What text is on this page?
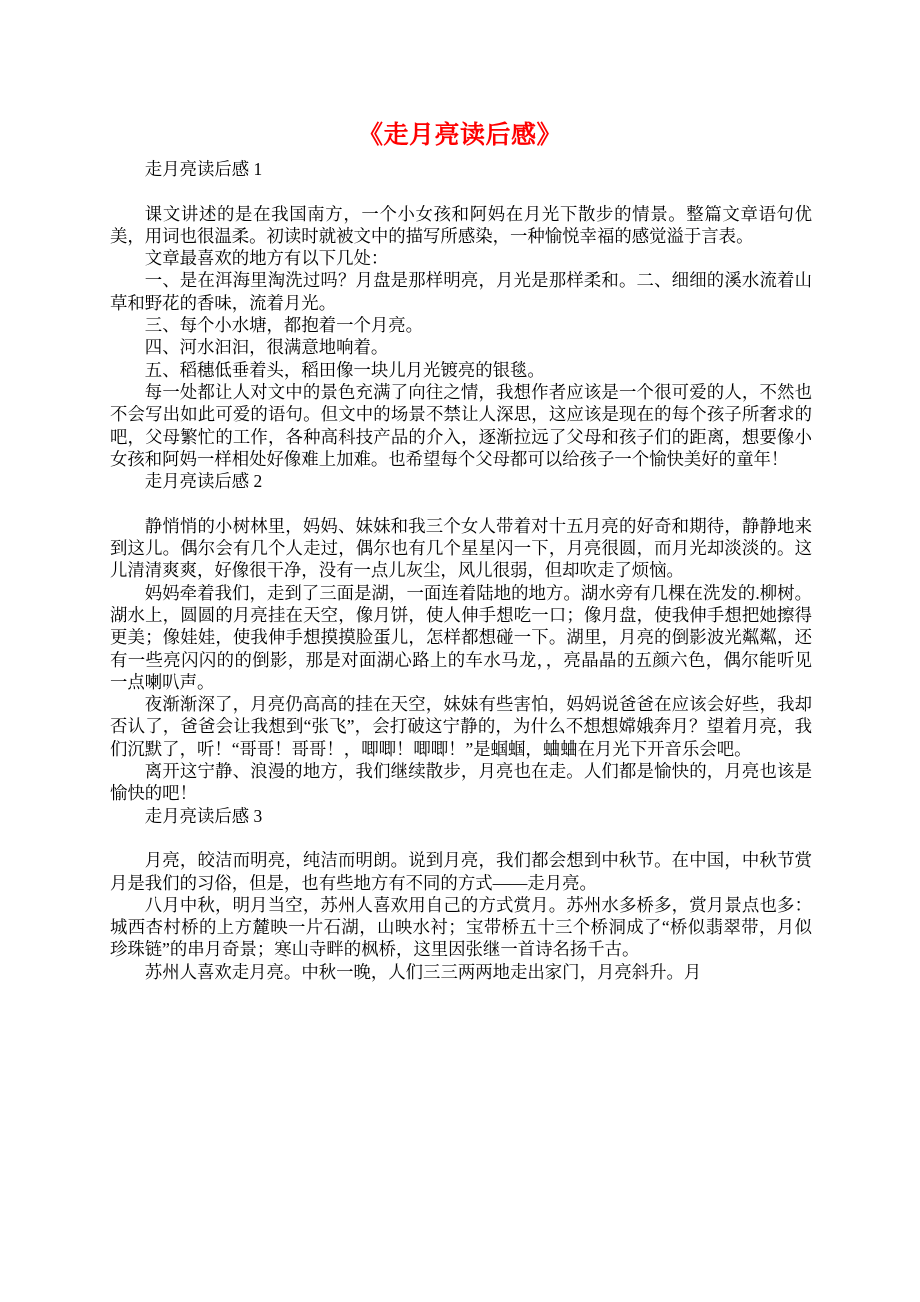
《走月亮读后感》

走月亮读后感 1

课文讲述的是在我国南方，一个小女孩和阿妈在月光下散步的情景。整篇文章语句优美，用词也很温柔。初读时就被文中的描写所感染，一种愉悦幸福的感觉溢于言表。

文章最喜欢的地方有以下几处：

一、是在洱海里淘洗过吗？月盘是那样明亮，月光是那样柔和。二、细细的溪水流着山草和野花的香味，流着月光。

三、每个小水塘，都抱着一个月亮。

四、河水汩汩，很满意地响着。

五、稻穗低垂着头，稻田像一块儿月光镀亮的银毯。

每一处都让人对文中的景色充满了向往之情，我想作者应该是一个很可爱的人，不然也不会写出如此可爱的语句。但文中的场景不禁让人深思，这应该是现在的每个孩子所奢求的吧，父母繁忙的工作，各种高科技产品的介入，逐渐拉远了父母和孩子们的距离，想要像小女孩和阿妈一样相处好像难上加难。也希望每个父母都可以给孩子一个愉快美好的童年！

走月亮读后感 2

静悄悄的小树林里，妈妈、妹妹和我三个女人带着对十五月亮的好奇和期待，静静地来到这儿。偶尔会有几个人走过，偶尔也有几个星星闪一下，月亮很圆，而月光却淡淡的。这儿清清爽爽，好像很干净，没有一点儿灰尘，风儿很弱，但却吹走了烦恼。

妈妈牵着我们，走到了三面是湖，一面连着陆地的地方。湖水旁有几棵在洗发的.柳树。湖水上，圆圆的月亮挂在天空，像月饼，使人伸手想吃一口；像月盘，使我伸手想把她擦得更美；像娃娃，使我伸手想摸摸脸蛋儿，怎样都想碰一下。湖里，月亮的倒影波光粼粼，还有一些亮闪闪的的倒影，那是对面湖心路上的车水马龙，，亮晶晶的五颜六色，偶尔能听见一点喇叭声。

夜渐渐深了，月亮仍高高的挂在天空，妹妹有些害怕，妈妈说爸爸在应该会好些，我却否认了，爸爸会让我想到“张飞”，会打破这宁静的，为什么不想想嫦娥奔月？望着月亮，我们沉默了，听！“哥哥！哥哥！，唧唧！唧唧！”是蝈蝈，蛐蛐在月光下开音乐会吧。

离开这宁静、浪漫的地方，我们继续散步，月亮也在走。人们都是愉快的，月亮也该是愉快的吧！

走月亮读后感 3

月亮，皎洁而明亮，纯洁而明朗。说到月亮，我们都会想到中秋节。在中国，中秋节赏月是我们的习俗，但是，也有些地方有不同的方式——走月亮。

八月中秋，明月当空，苏州人喜欢用自己的方式赏月。苏州水多桥多，赏月景点也多：城西杏村桥的上方麓映一片石湖，山映水衬；宝带桥五十三个桥洞成了“桥似翡翠带，月似珍珠链”的串月奇景；寒山寺畔的枫桥，这里因张继一首诗名扬千古。

苏州人喜欢走月亮。中秋一晚，人们三三两两地走出家门，月亮斜升。月
